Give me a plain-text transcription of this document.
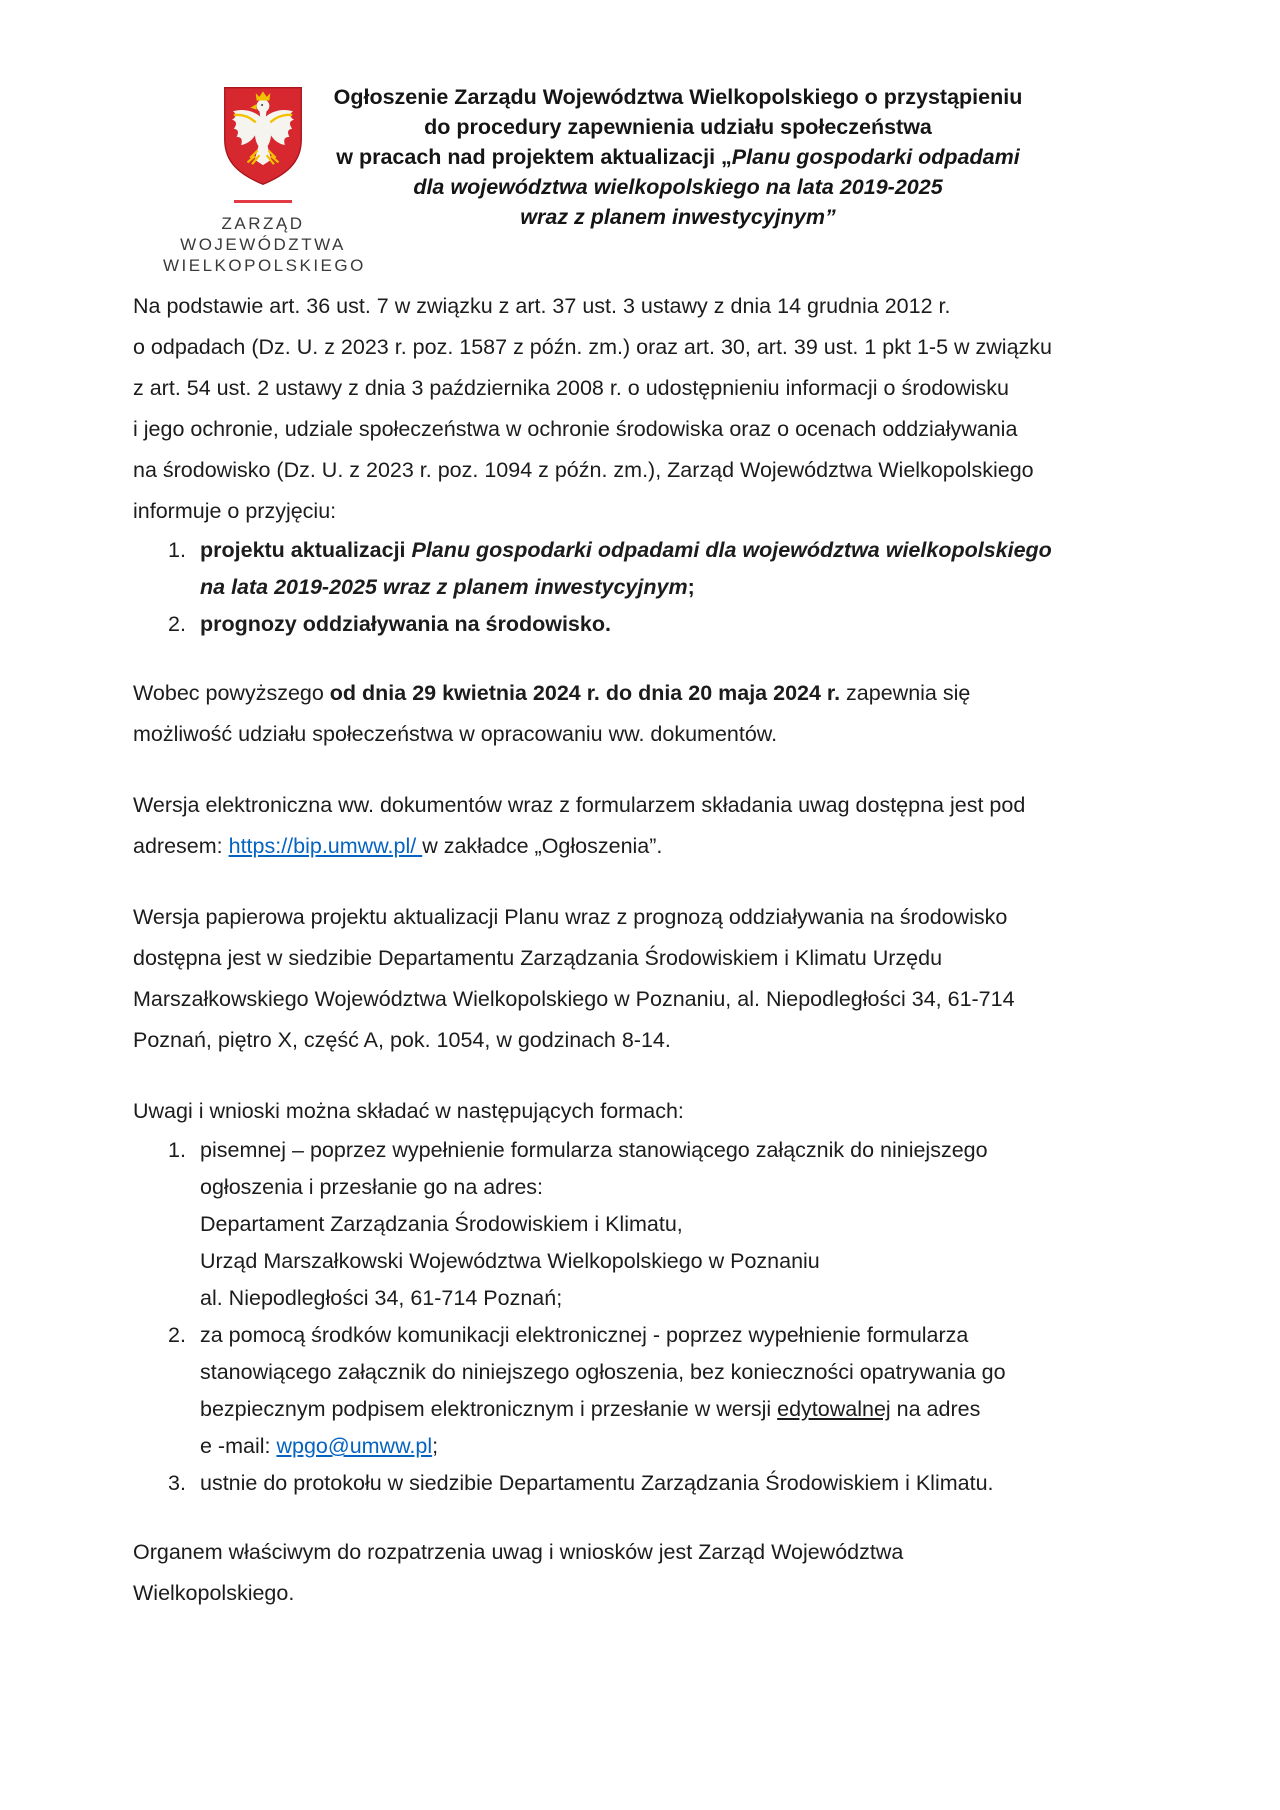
ZARZĄD
WOJEWÓDZTWA
WIELKOPOLSKIEGO
Ogłoszenie Zarządu Województwa Wielkopolskiego o przystąpieniu
do procedury zapewnienia udziału społeczeństwa
w pracach nad projektem aktualizacji „Planu gospodarki odpadami
dla województwa wielkopolskiego na lata 2019-2025
wraz z planem inwestycyjnym”

Na podstawie art. 36 ust. 7 w związku z art. 37 ust. 3 ustawy z dnia 14 grudnia 2012 r.
o odpadach (Dz. U. z 2023 r. poz. 1587 z późn. zm.) oraz art. 30, art. 39 ust. 1 pkt 1-5 w związku
z art. 54 ust. 2 ustawy z dnia 3 października 2008 r. o udostępnieniu informacji o środowisku
i jego ochronie, udziale społeczeństwa w ochronie środowiska oraz o ocenach oddziaływania
na środowisko (Dz. U. z 2023 r. poz. 1094 z późn. zm.), Zarząd Województwa Wielkopolskiego
informuje o przyjęciu:

1. projektu aktualizacji Planu gospodarki odpadami dla województwa wielkopolskiego
na lata 2019-2025 wraz z planem inwestycyjnym;
2. prognozy oddziaływania na środowisko.

Wobec powyższego od dnia 29 kwietnia 2024 r. do dnia 20 maja 2024 r. zapewnia się
możliwość udziału społeczeństwa w opracowaniu ww. dokumentów.

Wersja elektroniczna ww. dokumentów wraz z formularzem składania uwag dostępna jest pod
adresem: https://bip.umww.pl/ w zakładce „Ogłoszenia”.

Wersja papierowa projektu aktualizacji Planu wraz z prognozą oddziaływania na środowisko
dostępna jest w siedzibie Departamentu Zarządzania Środowiskiem i Klimatu Urzędu
Marszałkowskiego Województwa Wielkopolskiego w Poznaniu, al. Niepodległości 34, 61-714
Poznań, piętro X, część A, pok. 1054, w godzinach 8-14.

Uwagi i wnioski można składać w następujących formach:

1. pisemnej – poprzez wypełnienie formularza stanowiącego załącznik do niniejszego
ogłoszenia i przesłanie go na adres:
Departament Zarządzania Środowiskiem i Klimatu,
Urząd Marszałkowski Województwa Wielkopolskiego w Poznaniu
al. Niepodległości 34, 61-714 Poznań;
2. za pomocą środków komunikacji elektronicznej - poprzez wypełnienie formularza
stanowiącego załącznik do niniejszego ogłoszenia, bez konieczności opatrywania go
bezpiecznym podpisem elektronicznym i przesłanie w wersji edytowalnej na adres
e -mail: wpgo@umww.pl;
3. ustnie do protokołu w siedzibie Departamentu Zarządzania Środowiskiem i Klimatu.

Organem właściwym do rozpatrzenia uwag i wniosków jest Zarząd Województwa
Wielkopolskiego.
